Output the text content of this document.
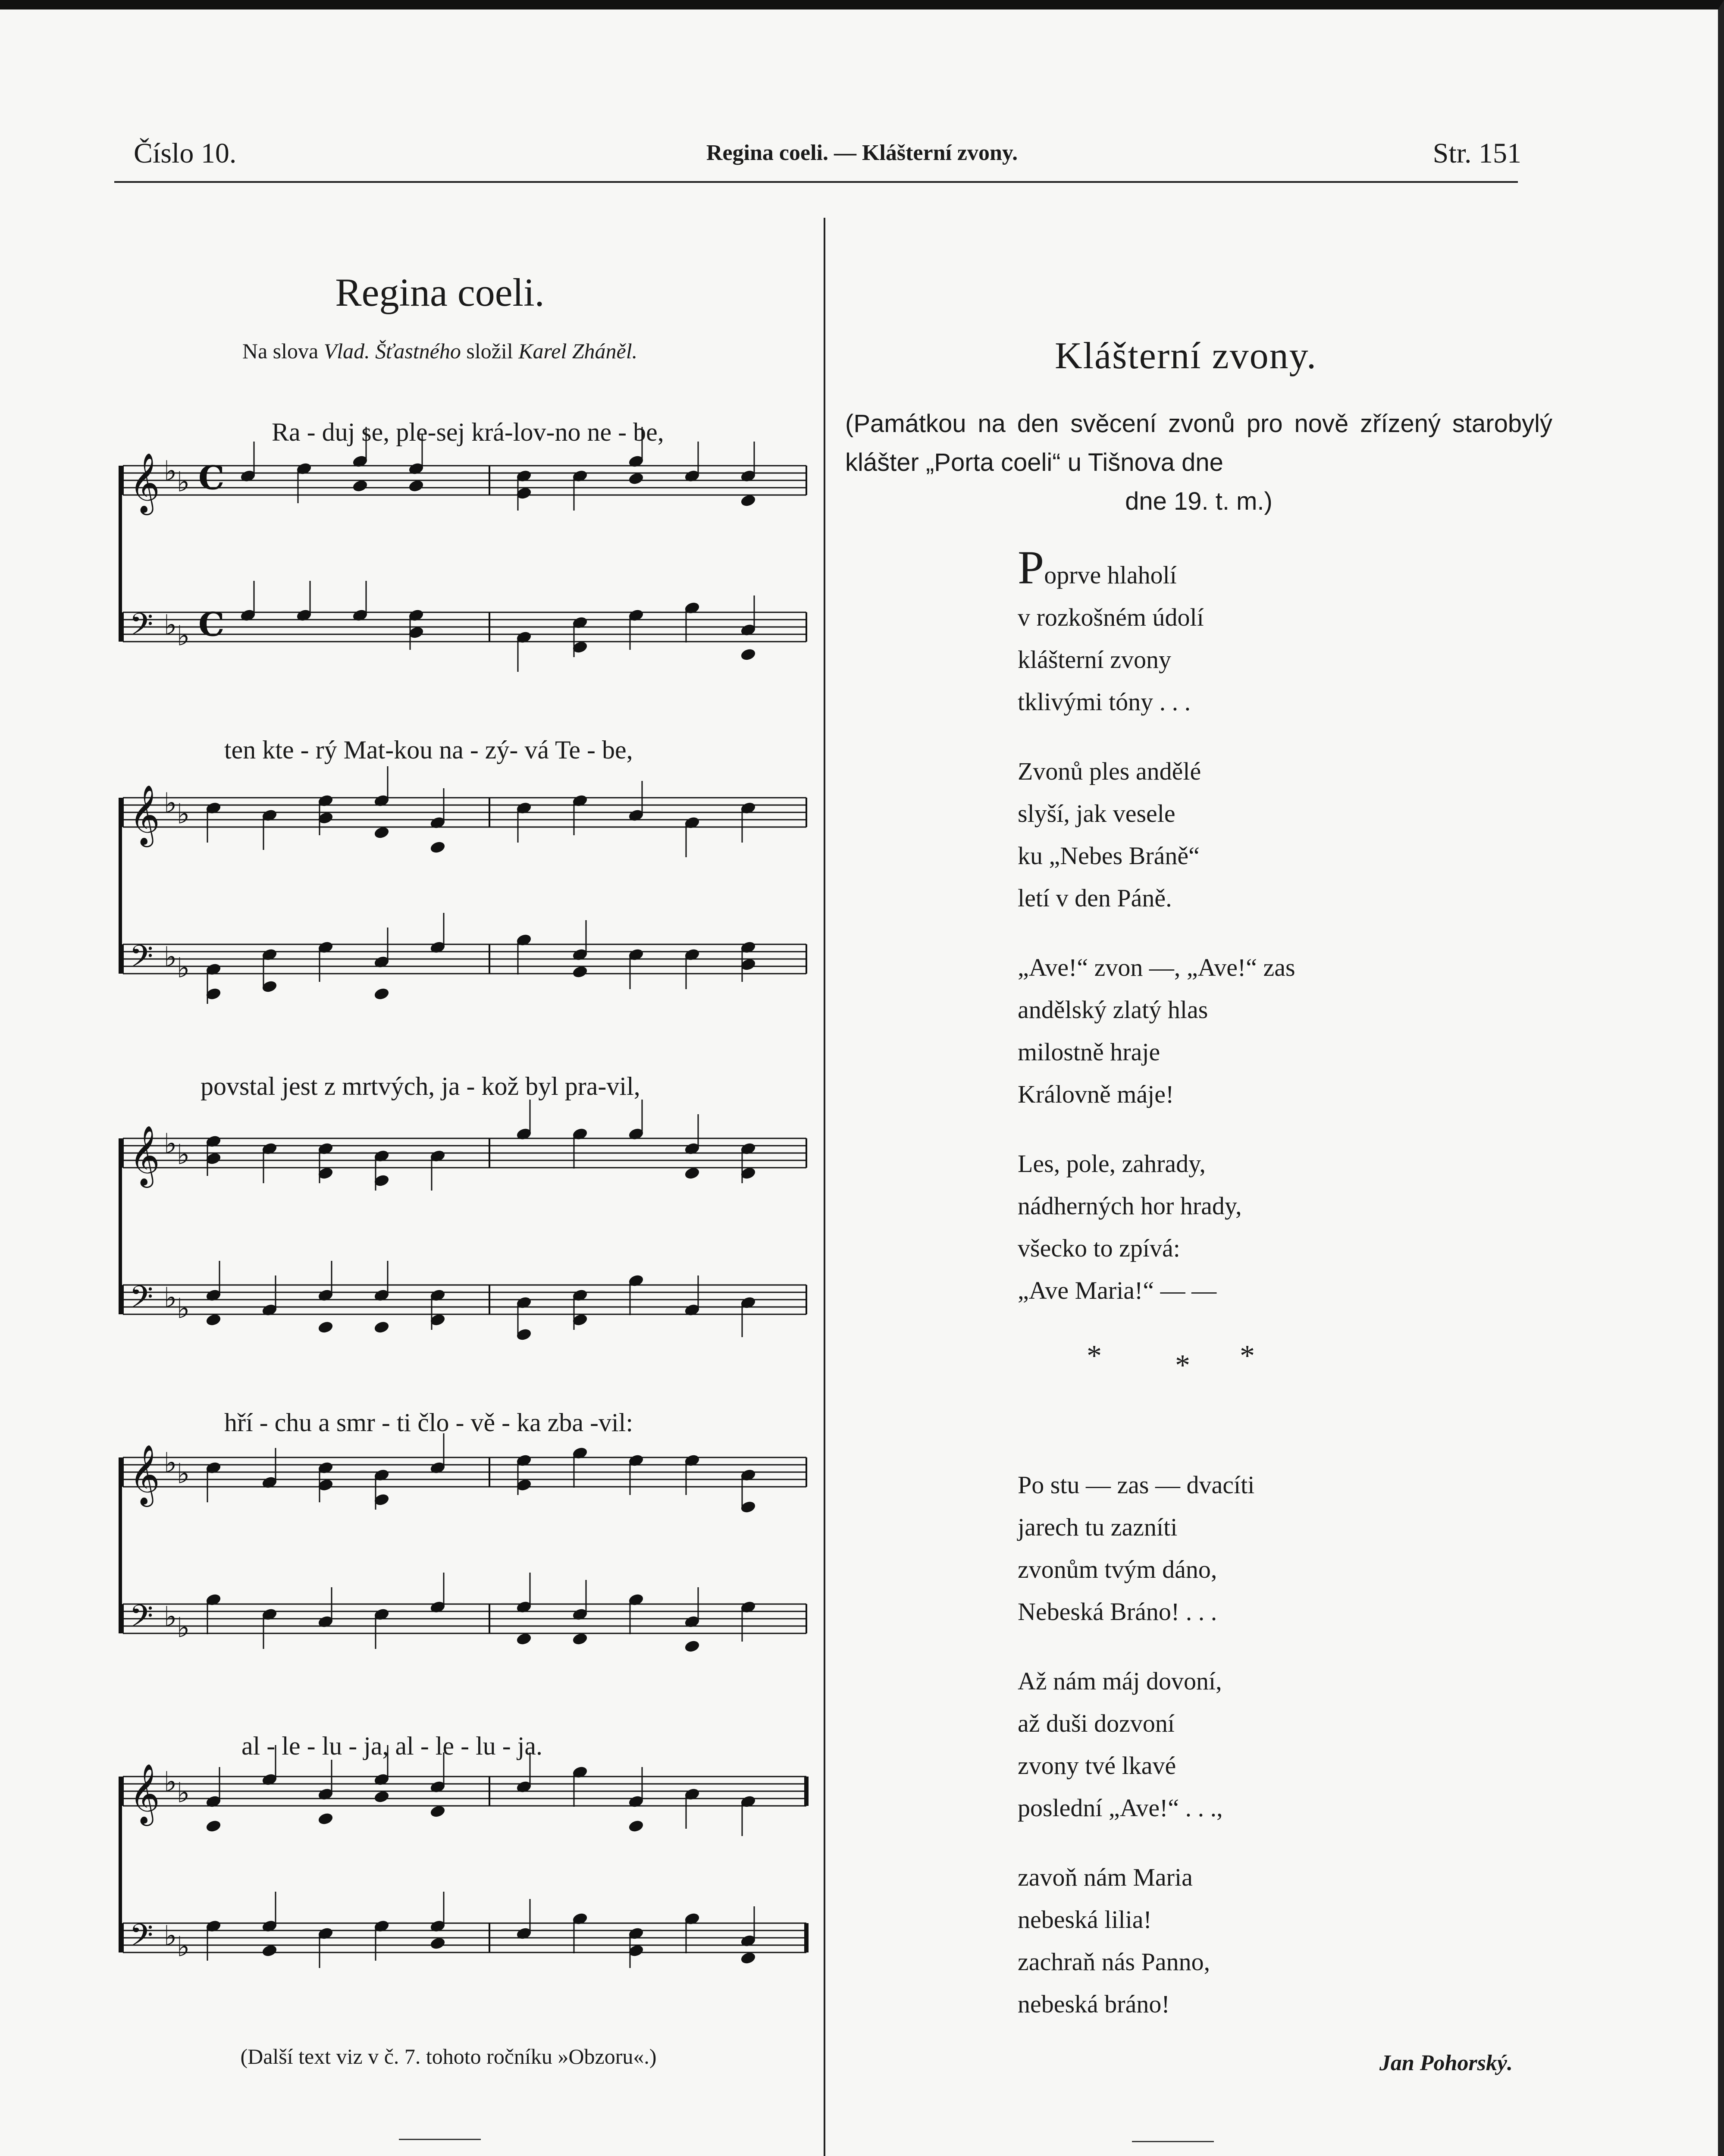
Číslo 10.	Regina coeli. — Klášterní zvony.	Str. 151
Regina coeli.
Na slova Vlad. Šťastného složil Karel Zháněl.
Ra - duj se, ple-sej krá-lov-no ne - be,
ten kte - rý Mat-kou na - zý- vá Te - be,
povstal jest z mrtvých, ja - kož byl pra-vil,
hří - chu a smr - ti člo - vě - ka zba -vil:
al - le - lu - ja, al - le - lu - ja.
𝄞 ♭ ♭ C
𝄢 ♭ ♭ C
𝄞 ♭ ♭
𝄢 ♭ ♭
𝄞 ♭ ♭
𝄢 ♭ ♭
𝄞 ♭ ♭
𝄢 ♭ ♭
𝄞 ♭ ♭
𝄢 ♭ ♭
(Další text viz v č. 7. tohoto ročníku »Obzoru«.)
Klášterní zvony.
(Památkou na den svěcení zvonů pro nově zřízený starobylý klášter „Porta coeli“ u Tišnova dne
dne 19. t. m.)
Poprve hlaholí
v rozkošném údolí
klášterní zvony
tklivými tóny . . .
Zvonů ples andělé
slyší, jak vesele
ku „Nebes Bráně“
letí v den Páně.
„Ave!“ zvon —, „Ave!“ zas
andělský zlatý hlas
milostně hraje
Královně máje!
Les, pole, zahrady,
nádherných hor hrady,
všecko to zpívá:
„Ave Maria!“ — —
* * *
Po stu — zas — dvacíti
jarech tu zazníti
zvonům tvým dáno,
Nebeská Bráno! . . .
Až nám máj dovoní,
až duši dozvoní
zvony tvé lkavé
poslední „Ave!“ . . .,
zavoň nám Maria
nebeská lilia!
zachraň nás Panno,
nebeská bráno!
Jan Pohorský.
